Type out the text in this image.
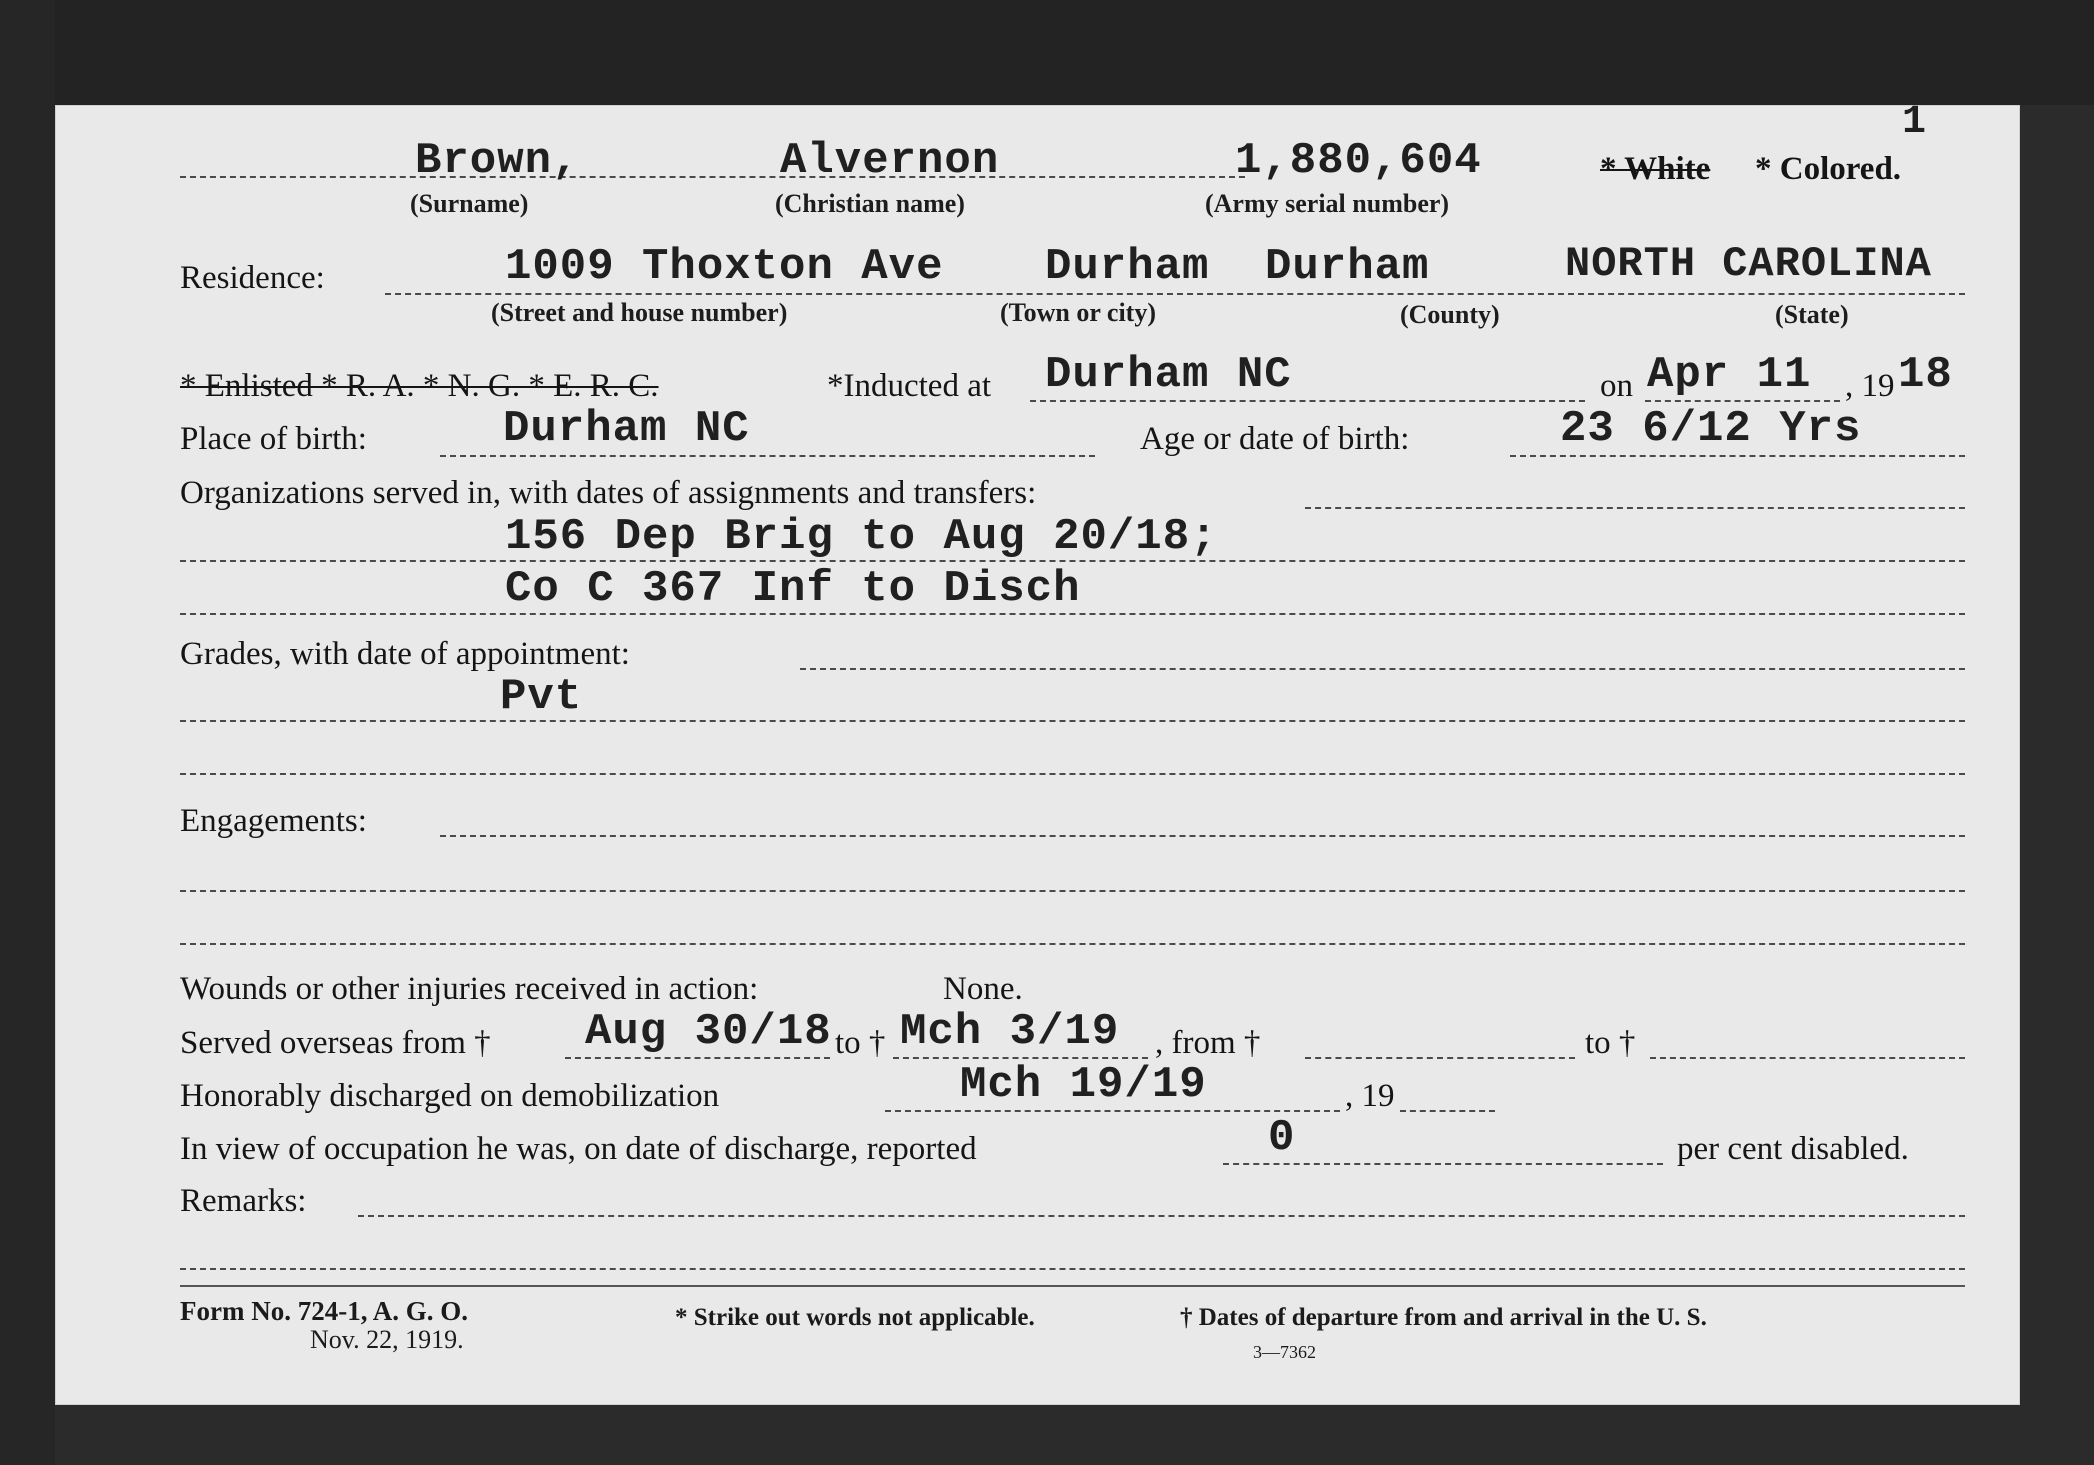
1
Brown,	Alvernon	1,880,604	* White * Colored.
(Surname)	(Christian name)	(Army serial number)
Residence:	1009 Thoxton Ave Durham Durham	NORTH CAROLINA
(Street and house number)	(Town or city)	(County)	(State)
* Enlisted * R. A. * N. G. * E. R. C.	*Inducted at Durham NC	on Apr 11 , 19 18
Place of birth:	Durham NC	Age or date of birth:	23 6/12 Yrs
Organizations served in, with dates of assignments and transfers:
156 Dep Brig to Aug 20/18;
Co C 367 Inf to Disch
Grades, with date of appointment:
Pvt
Engagements:
Wounds or other injuries received in action:	None.
Served overseas from † Aug 30/18 to † Mch 3/19 , from †	to †
Honorably discharged on demobilization	Mch 19/19	, 19
In view of occupation he was, on date of discharge, reported	0	per cent disabled.
Remarks:
Form No. 724-1, A. G. O.
Nov. 22, 1919.
* Strike out words not applicable.	† Dates of departure from and arrival in the U. S.
3—7362
